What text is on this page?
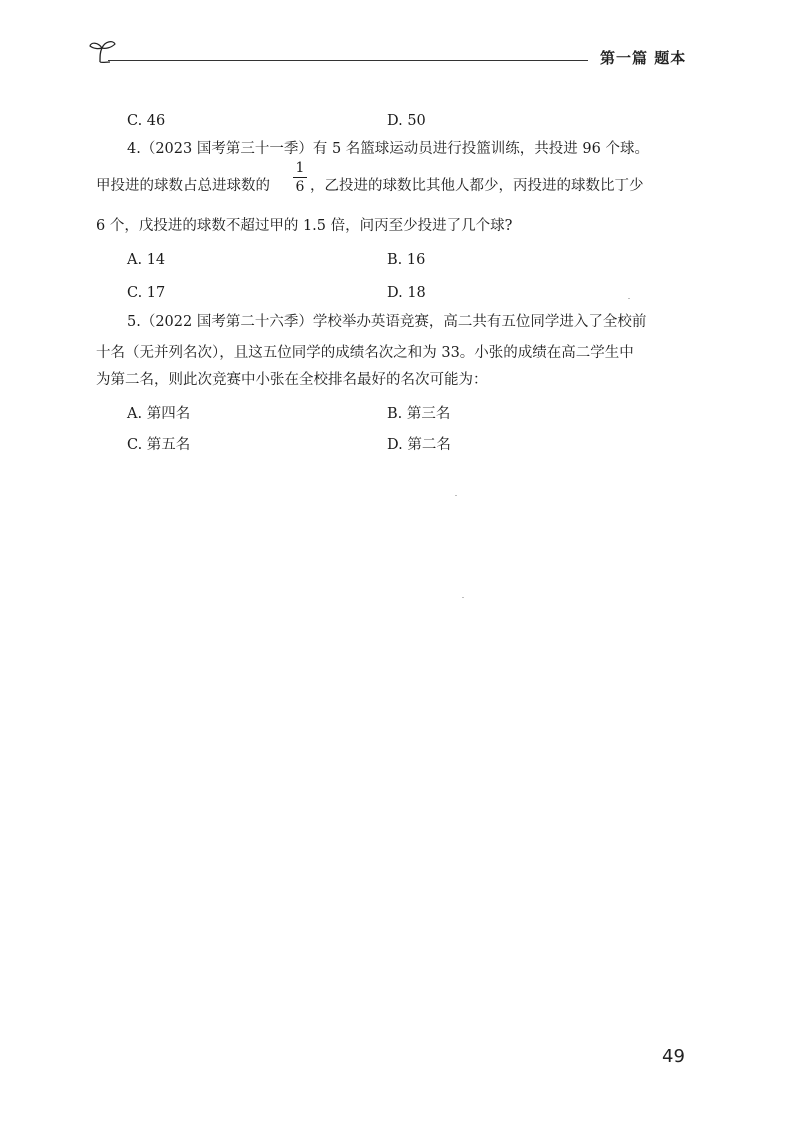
第一篇 题本
C. 46	D. 50
4.（2023 国考第三十一季）有 5 名篮球运动员进行投篮训练，共投进 96 个球。
甲投进的球数占总进球数的
1
6 ，乙投进的球数比其他人都少，丙投进的球数比丁少
6 个，戊投进的球数不超过甲的 1.5 倍，问丙至少投进了几个球?
A. 14	B. 16
C. 17	D. 18
5.（2022 国考第二十六季）学校举办英语竞赛，高二共有五位同学进入了全校前
十名（无并列名次），且这五位同学的成绩名次之和为 33。小张的成绩在高二学生中
为第二名，则此次竞赛中小张在全校排名最好的名次可能为：
A. 第四名	B. 第三名
C. 第五名	D. 第二名
49
